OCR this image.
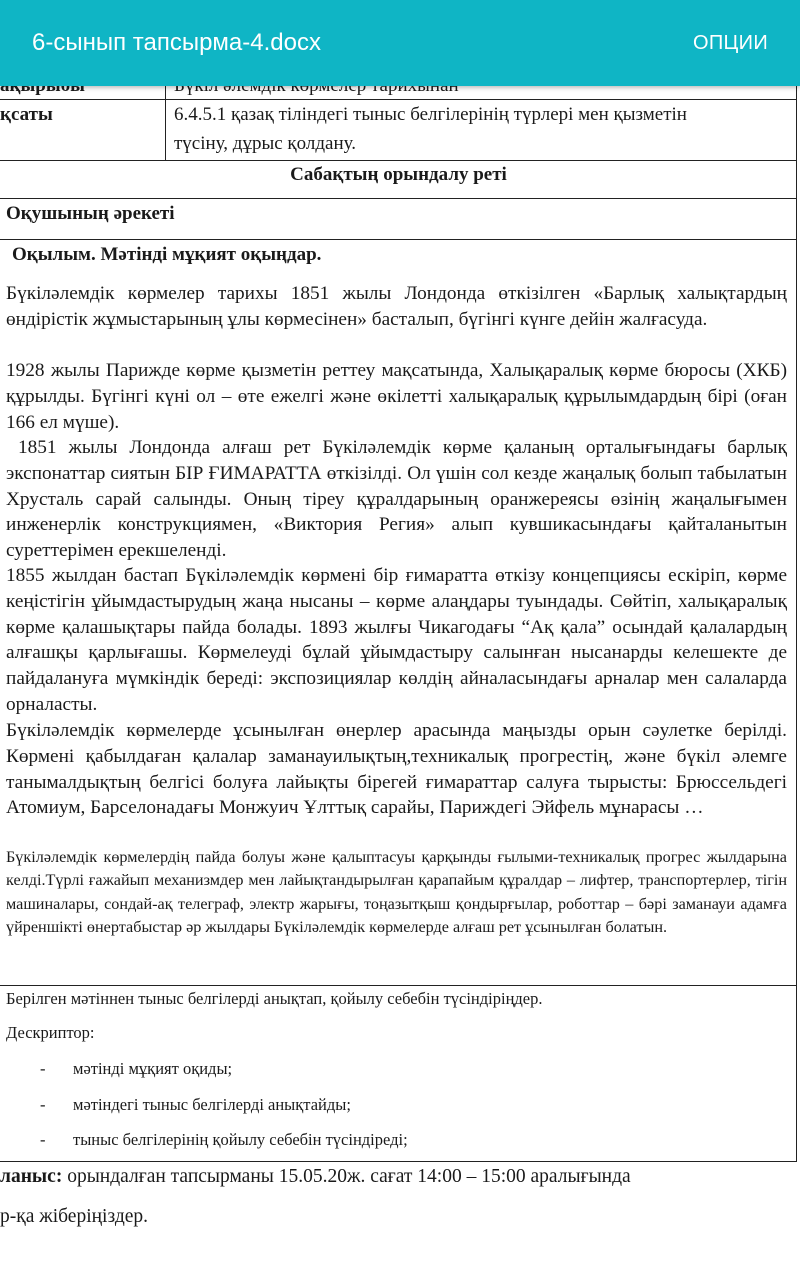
қсаты	6.4.5.1 қазақ тіліндегі тыныс белгілерінің түрлері мен қызметін
түсіну, дұрыс қолдану.
Сабақтың орындалу реті
Оқушының әрекеті
Оқылым. Мәтінді мұқият оқыңдар.
Бүкіләлемдік көрмелер тарихы 1851 жылы Лондонда өткізілген «Барлық халықтардың өндірістік жұмыстарының ұлы көрмесінен» басталып, бүгінгі күнге дейін жалғасуда.
1928 жылы Парижде көрме қызметін реттеу мақсатында, Халықаралық көрме бюросы (ХКБ) құрылды. Бүгінгі күні ол – өте ежелгі және өкілетті халықаралық құрылымдардың бірі (оған 166 ел мүше).
1851 жылы Лондонда алғаш рет Бүкіләлемдік көрме қаланың орталығындағы барлық экспонаттар сиятын БІР ҒИМАРАТТА өткізілді. Ол үшін сол кезде жаңалық болып табылатын Хрусталь сарай салынды. Оның тіреу құралдарының оранжереясы өзінің жаңалығымен инженерлік конструкциямен, «Виктория Регия» алып кувшикасындағы қайталанытын суреттерімен ерекшеленді.
1855 жылдан бастап Бүкіләлемдік көрмені бір ғимаратта өткізу концепциясы ескіріп, көрме кеңістігін ұйымдастырудың жаңа нысаны – көрме алаңдары туындады. Сөйтіп, халықаралық көрме қалашықтары пайда болады. 1893 жылғы Чикагодағы “Ақ қала” осындай қалалардың алғашқы қарлығашы. Көрмелеуді бұлай ұйымдастыру салынған нысанарды келешекте де пайдалануға мүмкіндік береді: экспозициялар көлдің айналасындағы арналар мен салаларда орналасты.
Бүкіләлемдік көрмелерде ұсынылған өнерлер арасында маңызды орын сәулетке берілді. Көрмені қабылдаған қалалар заманауилықтың,техникалық прогрестің, және бүкіл әлемге танымалдықтың белгісі болуға лайықты бірегей ғимараттар салуға тырысты: Брюссельдегі Атомиум, Барселонадағы Монжуич Ұлттық сарайы, Париждегі Эйфель мұнарасы …
Бүкіләлемдік көрмелердің пайда болуы және қалыптасуы қарқынды ғылыми-техникалық прогрес жылдарына келді.Түрлі ғажайып механизмдер мен лайықтандырылған қарапайым құралдар – лифтер, транспортерлер, тігін машиналары, сондай-ақ телеграф, электр жарығы, тоңазытқыш қондырғылар, роботтар – бәрі заманауи адамға үйреншікті өнертабыстар әр жылдары Бүкіләлемдік көрмелерде алғаш рет ұсынылған болатын.
Берілген мәтіннен тыныс белгілерді анықтап, қойылу себебін түсіндіріңдер.
Дескриптор:
- мәтінді мұқият оқиды;
- мәтіндегі тыныс белгілерді анықтайды;
- тыныс белгілерінің қойылу себебін түсіндіреді;
ланыс: орындалған тапсырманы 15.05.20ж. сағат 14:00 – 15:00 аралығында
р-қа жіберіңіздер.
6-сынып тапсырма-4.docx	ОПЦИИ
